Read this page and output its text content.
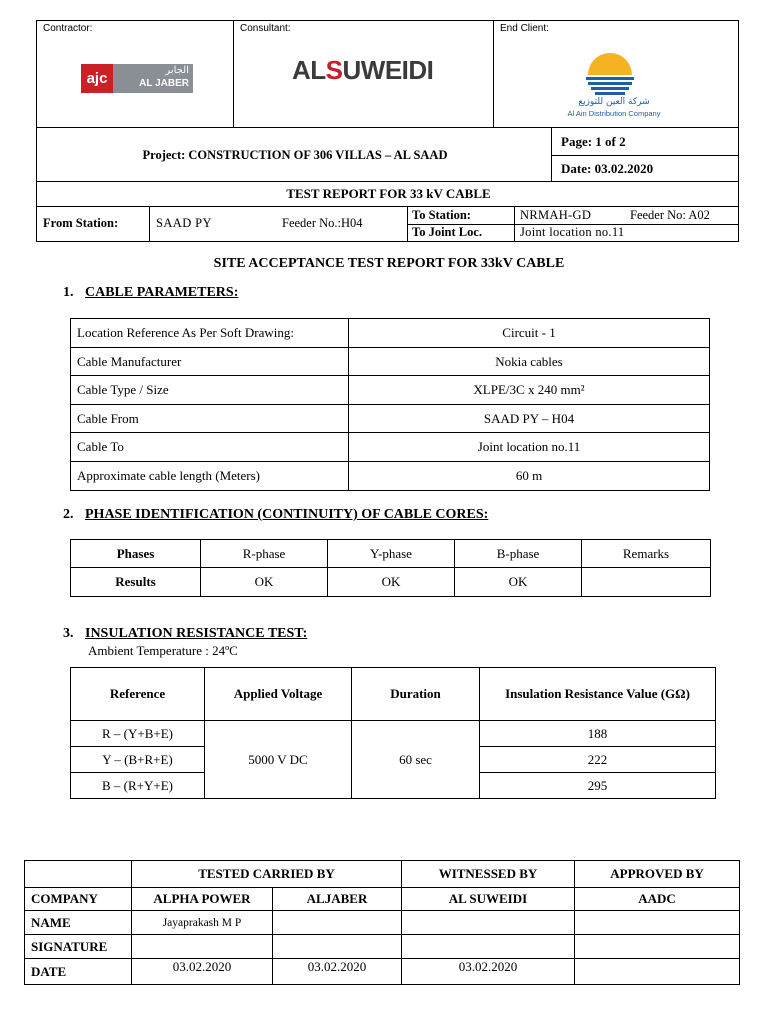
Contractor:
ajc	الجابر
AL JABER
Consultant:
ALSUWEIDI
End Client:
شركة العين للتوزيع
Al Ain Distribution Company
Project: CONSTRUCTION OF 306 VILLAS – AL SAAD
Page: 1 of 2
Date: 03.02.2020
TEST REPORT FOR 33 kV CABLE
From Station:	SAAD PY	Feeder No.:H04
To Station:	NRMAH-GD	Feeder No: A02
To Joint Loc.	Joint location no.11
SITE ACCEPTANCE TEST REPORT FOR 33kV CABLE
1. CABLE PARAMETERS:
Location Reference As Per Soft Drawing:	Circuit - 1
Cable Manufacturer	Nokia cables
Cable Type / Size	XLPE/3C x 240 mm²
Cable From	SAAD PY – H04
Cable To	Joint location no.11
Approximate cable length (Meters)	60 m
2. PHASE IDENTIFICATION (CONTINUITY) OF CABLE CORES:
Phases	R-phase	Y-phase	B-phase	Remarks
Results	OK	OK	OK	
3. INSULATION RESISTANCE TEST:
Ambient Temperature : 24ºC
Reference	Applied Voltage	Duration	Insulation Resistance Value (GΩ)
R – (Y+B+E)	5000 V DC	60 sec	188
Y – (B+R+E)			222
B – (R+Y+E)			295
	TESTED CARRIED BY		WITNESSED BY	APPROVED BY
COMPANY	ALPHA POWER	ALJABER	AL SUWEIDI	AADC
NAME	Jayaprakash M P			
SIGNATURE				
DATE	03.02.2020	03.02.2020	03.02.2020	
